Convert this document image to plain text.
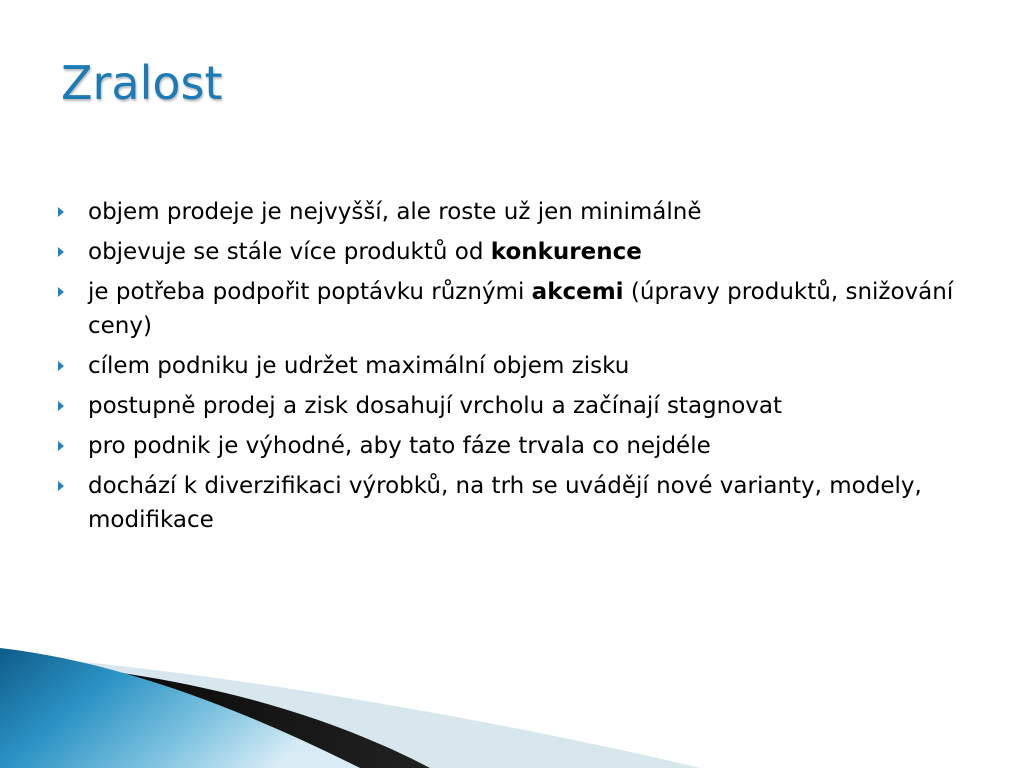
Zralost
objem prodeje je nejvyšší, ale roste už jen minimálně
objevuje se stále více produktů od konkurence
je potřeba podpořit poptávku různými akcemi (úpravy produktů, snižování ceny)
cílem podniku je udržet maximální objem zisku
postupně prodej a zisk dosahují vrcholu a začínají stagnovat
pro podnik je výhodné, aby tato fáze trvala co nejdéle
dochází k diverzifikaci výrobků, na trh se uvádějí nové varianty, modely, modifikace
